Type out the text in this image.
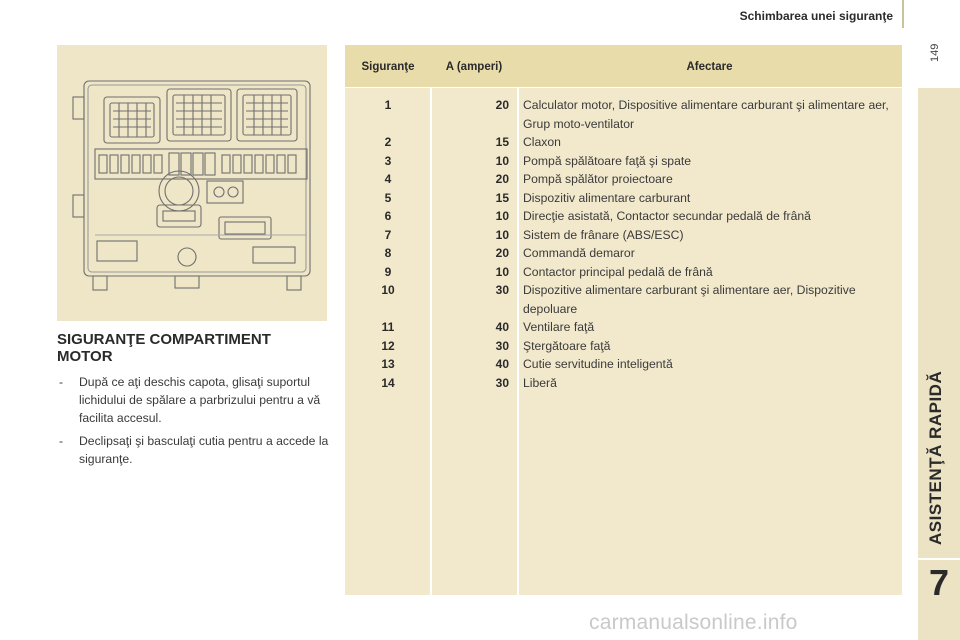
Schimbarea unei siguranţe
149
ASISTENŢĂ RAPIDĂ
7
SIGURANŢE COMPARTIMENT MOTOR
- După ce aţi deschis capota, glisaţi suportul lichidului de spălare a parbrizului pentru a vă facilita accesul.
- Declipsaţi şi basculaţi cutia pentru a accede la siguranţe.
Siguranţe	A (amperi)	Afectare
1	20	Calculator motor, Dispositive alimentare carburant şi alimentare aer, Grup moto-ventilator
2	15	Claxon
3	10	Pompă spălătoare faţă şi spate
4	20	Pompă spălător proiectoare
5	15	Dispozitiv alimentare carburant
6	10	Direcţie asistată, Contactor secundar pedală de frână
7	10	Sistem de frânare (ABS/ESC)
8	20	Commandă demaror
9	10	Contactor principal pedală de frână
10	30	Dispozitive alimentare carburant şi alimentare aer, Dispozitive depoluare
11	40	Ventilare faţă
12	30	Ştergătoare faţă
13	40	Cutie servitudine inteligentă
14	30	Liberă
carmanualsonline.info
